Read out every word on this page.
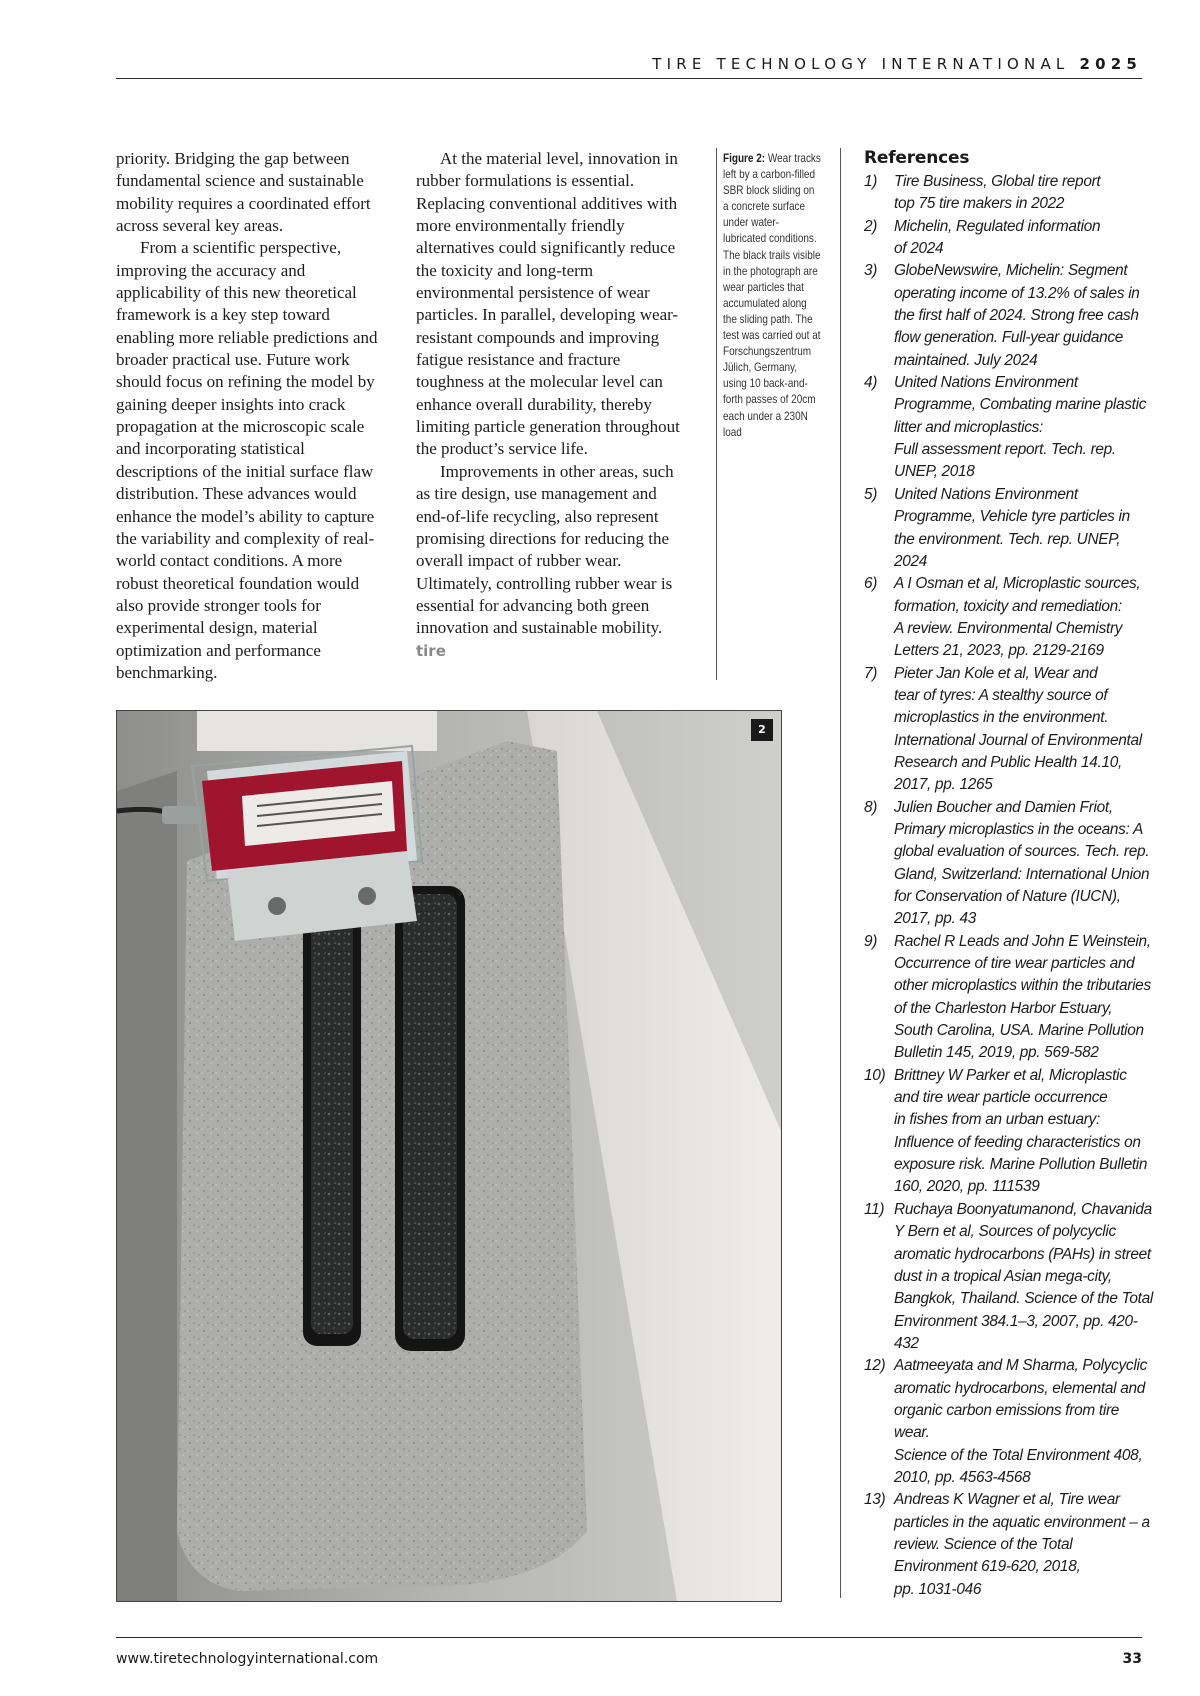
TIRE TECHNOLOGY INTERNATIONAL 2025

priority. Bridging the gap between fundamental science and sustainable mobility requires a coordinated effort across several key areas.

From a scientific perspective, improving the accuracy and applicability of this new theoretical framework is a key step toward enabling more reliable predictions and broader practical use. Future work should focus on refining the model by gaining deeper insights into crack propagation at the microscopic scale and incorporating statistical descriptions of the initial surface flaw distribution. These advances would enhance the model’s ability to capture the variability and complexity of real-world contact conditions. A more robust theoretical foundation would also provide stronger tools for experimental design, material optimization and performance benchmarking.

At the material level, innovation in rubber formulations is essential. Replacing conventional additives with more environmentally friendly alternatives could significantly reduce the toxicity and long-term environmental persistence of wear particles. In parallel, developing wear-resistant compounds and improving fatigue resistance and fracture toughness at the molecular level can enhance overall durability, thereby limiting particle generation throughout the product’s service life.

Improvements in other areas, such as tire design, use management and end-of-life recycling, also represent promising directions for reducing the overall impact of rubber wear. Ultimately, controlling rubber wear is essential for advancing both green innovation and sustainable mobility. tire

Figure 2: Wear tracks left by a carbon-filled SBR block sliding on a concrete surface under water-lubricated conditions. The black trails visible in the photograph are wear particles that accumulated along the sliding path. The test was carried out at Forschungszentrum Jülich, Germany, using 10 back-and-forth passes of 20cm each under a 230N load
References
1)	Tire Business, Global tire report
top 75 tire makers in 2022
2)	Michelin, Regulated information
of 2024
3)	GlobeNewswire, Michelin: Segment operating income of 13.2% of sales in the first half of 2024. Strong free cash flow generation. Full-year guidance maintained. July 2024
4)	United Nations Environment Programme, Combating marine plastic litter and microplastics:
Full assessment report. Tech. rep. UNEP, 2018
5)	United Nations Environment Programme, Vehicle tyre particles in the environment. Tech. rep. UNEP, 2024
6)	A I Osman et al, Microplastic sources, formation, toxicity and remediation:
A review. Environmental Chemistry Letters 21, 2023, pp. 2129-2169
7)	Pieter Jan Kole et al, Wear and
tear of tyres: A stealthy source of microplastics in the environment. International Journal of Environmental Research and Public Health 14.10, 2017, pp. 1265
8)	Julien Boucher and Damien Friot, Primary microplastics in the oceans: A global evaluation of sources. Tech. rep. Gland, Switzerland: International Union for Conservation of Nature (IUCN), 2017, pp. 43
9)	Rachel R Leads and John E Weinstein, Occurrence of tire wear particles and other microplastics within the tributaries of the Charleston Harbor Estuary, South Carolina, USA. Marine Pollution Bulletin 145, 2019, pp. 569-582
10) Brittney W Parker et al, Microplastic and tire wear particle occurrence
in fishes from an urban estuary: Influence of feeding characteristics on exposure risk. Marine Pollution Bulletin 160, 2020, pp. 111539
11) Ruchaya Boonyatumanond, Chavanida Y Bern et al, Sources of polycyclic aromatic hydrocarbons (PAHs) in street dust in a tropical Asian mega-city, Bangkok, Thailand. Science of the Total Environment 384.1–3, 2007, pp. 420-432
12) Aatmeeyata and M Sharma, Polycyclic aromatic hydrocarbons, elemental and organic carbon emissions from tire wear.
Science of the Total Environment 408, 2010, pp. 4563-4568
13) Andreas K Wagner et al, Tire wear particles in the aquatic environment – a review. Science of the Total Environment 619-620, 2018,
pp. 1031-046
2
www.tiretechnologyinternational.com	33
